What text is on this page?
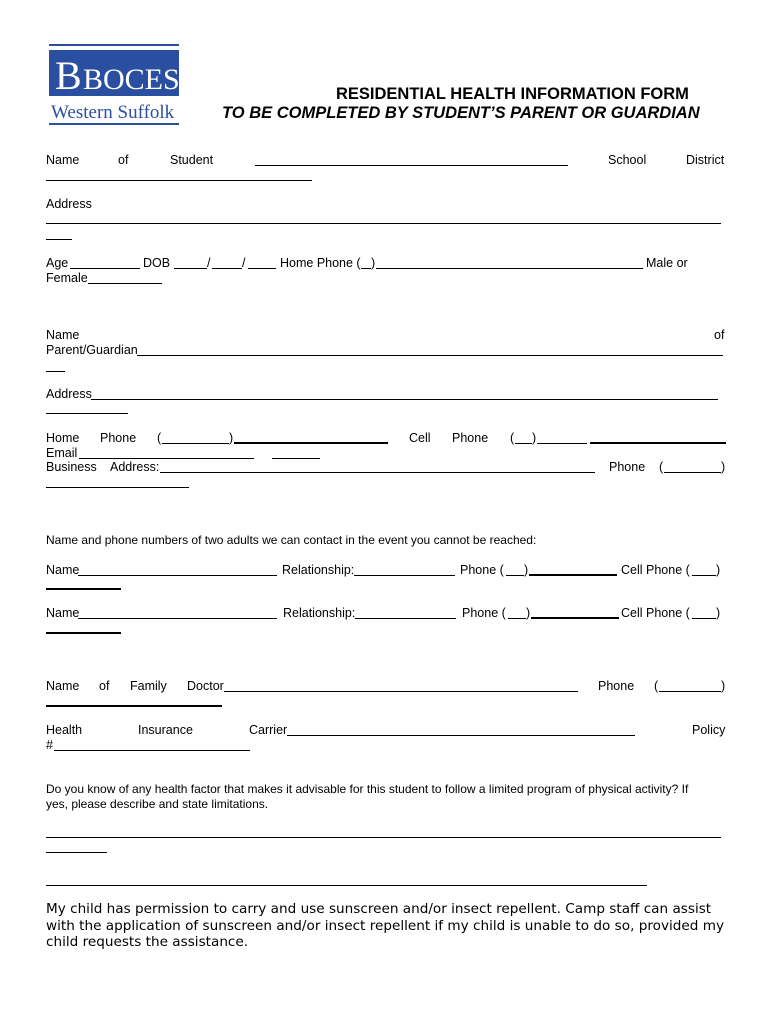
B BOCES
Western Suffolk
RESIDENTIAL HEALTH INFORMATION FORM
TO BE COMPLETED BY STUDENT’S PARENT OR GUARDIAN
Name	of	Student	School	District
Address
Age	DOB	/	/	Home Phone ( )	Male or
Female
Name	of
Parent/Guardian
Address
Home Phone (	)	Cell Phone ( )
Email
Business Address:	Phone (	)
Name and phone numbers of two adults we can contact in the event you cannot be reached:
Name	Relationship:	Phone ( )	Cell Phone ( )
Name	Relationship:	Phone ( )	Cell Phone ( )
Name of Family Doctor	Phone (	)
Health	Insurance	Carrier	Policy
#
Do you know of any health factor that makes it advisable for this student to follow a limited program of physical activity? If
yes, please describe and state limitations.
My child has permission to carry and use sunscreen and/or insect repellent. Camp staff can assist with the application of sunscreen and/or insect repellent if my child is unable to do so, provided my child requests the assistance.
